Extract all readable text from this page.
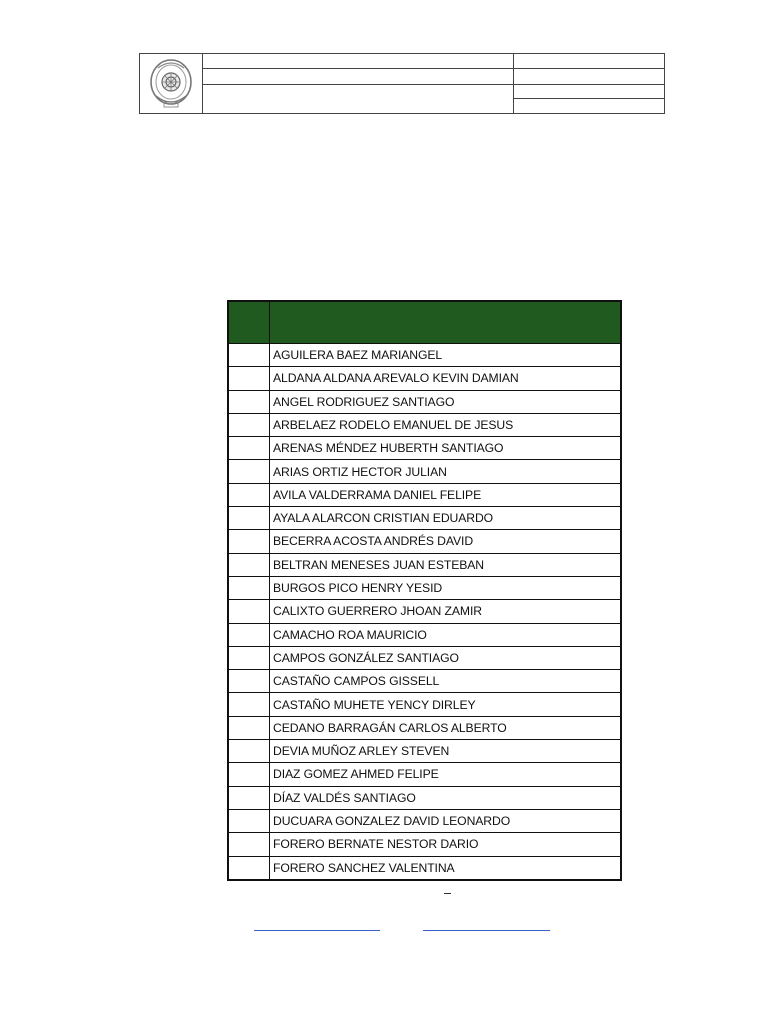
	AGUILERA BAEZ MARIANGEL
	ALDANA ALDANA AREVALO KEVIN DAMIAN
	ANGEL RODRIGUEZ SANTIAGO
	ARBELAEZ RODELO EMANUEL DE JESUS
	ARENAS MÉNDEZ HUBERTH SANTIAGO
	ARIAS ORTIZ HECTOR JULIAN
	AVILA VALDERRAMA DANIEL FELIPE
	AYALA ALARCON CRISTIAN EDUARDO
	BECERRA ACOSTA ANDRÉS DAVID
	BELTRAN MENESES JUAN ESTEBAN
	BURGOS PICO HENRY YESID
	CALIXTO GUERRERO JHOAN ZAMIR
	CAMACHO ROA MAURICIO
	CAMPOS GONZÁLEZ SANTIAGO
	CASTAÑO CAMPOS GISSELL
	CASTAÑO MUHETE YENCY DIRLEY
	CEDANO BARRAGÁN CARLOS ALBERTO
	DEVIA MUÑOZ ARLEY STEVEN
	DIAZ GOMEZ AHMED FELIPE
	DÍAZ VALDÉS SANTIAGO
	DUCUARA GONZALEZ DAVID LEONARDO
	FORERO BERNATE NESTOR DARIO
	FORERO SANCHEZ VALENTINA
